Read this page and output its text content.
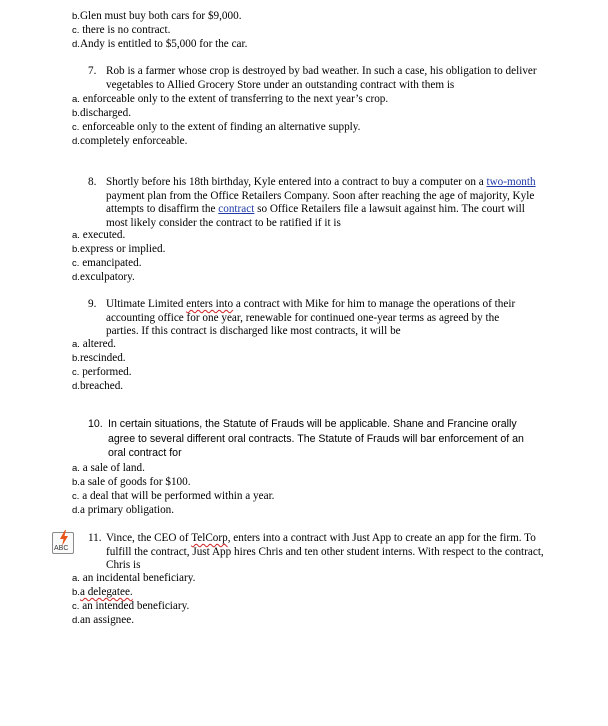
b.Glen must buy both cars for $9,000.
c. there is no contract.
d.Andy is entitled to $5,000 for the car.
7. Rob is a farmer whose crop is destroyed by bad weather. In such a case, his obligation to deliver vegetables to Allied Grocery Store under an outstanding contract with them is
a. enforceable only to the extent of transferring to the next year’s crop.
b.discharged.
c. enforceable only to the extent of finding an alternative supply.
d.completely enforceable.
8. Shortly before his 18th birthday, Kyle entered into a contract to buy a computer on a two-month payment plan from the Office Retailers Company. Soon after reaching the age of majority, Kyle attempts to disaffirm the contract so Office Retailers file a lawsuit against him. The court will most likely consider the contract to be ratified if it is
a. executed.
b.express or implied.
c. emancipated.
d.exculpatory.
9. Ultimate Limited enters into a contract with Mike for him to manage the operations of their accounting office for one year, renewable for continued one-year terms as agreed by the parties. If this contract is discharged like most contracts, it will be
a. altered.
b.rescinded.
c. performed.
d.breached.
10. In certain situations, the Statute of Frauds will be applicable. Shane and Francine orally agree to several different oral contracts. The Statute of Frauds will bar enforcement of an oral contract for
a. a sale of land.
b.a sale of goods for $100.
c. a deal that will be performed within a year.
d.a primary obligation.
ABC
11. Vince, the CEO of TelCorp, enters into a contract with Just App to create an app for the firm. To fulfill the contract, Just App hires Chris and ten other student interns. With respect to the contract, Chris is
a. an incidental beneficiary.
b.a delegatee.
c. an intended beneficiary.
d.an assignee.
